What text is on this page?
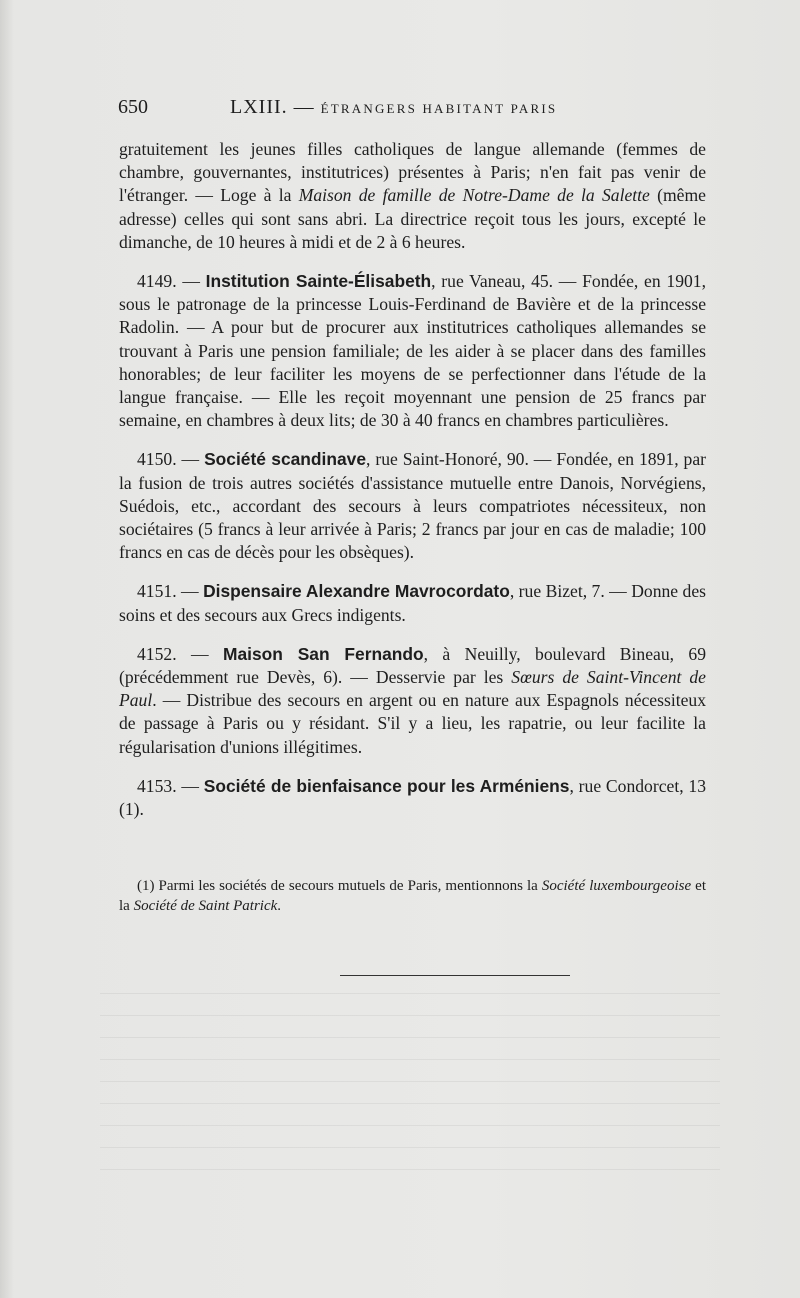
650	LXIII. — ÉTRANGERS HABITANT PARIS

gratuitement les jeunes filles catholiques de langue allemande (femmes de chambre, gouvernantes, institutrices) présentes à Paris; n'en fait pas venir de l'étranger. — Loge à la Maison de famille de Notre-Dame de la Salette (même adresse) celles qui sont sans abri. La directrice reçoit tous les jours, excepté le dimanche, de 10 heures à midi et de 2 à 6 heures.

4149. — Institution Sainte-Élisabeth, rue Vaneau, 45. — Fondée, en 1901, sous le patronage de la princesse Louis-Ferdinand de Bavière et de la princesse Radolin. — A pour but de procurer aux institutrices catholiques allemandes se trouvant à Paris une pension familiale; de les aider à se placer dans des familles honorables; de leur faciliter les moyens de se perfectionner dans l'étude de la langue française. — Elle les reçoit moyennant une pension de 25 francs par semaine, en chambres à deux lits; de 30 à 40 francs en chambres particulières.

4150. — Société scandinave, rue Saint-Honoré, 90. — Fondée, en 1891, par la fusion de trois autres sociétés d'assistance mutuelle entre Danois, Norvégiens, Suédois, etc., accordant des secours à leurs compatriotes nécessiteux, non sociétaires (5 francs à leur arrivée à Paris; 2 francs par jour en cas de maladie; 100 francs en cas de décès pour les obsèques).

4151. — Dispensaire Alexandre Mavrocordato, rue Bizet, 7. — Donne des soins et des secours aux Grecs indigents.

4152. — Maison San Fernando, à Neuilly, boulevard Bineau, 69 (précédemment rue Devès, 6). — Desservie par les Sœurs de Saint-Vincent de Paul. — Distribue des secours en argent ou en nature aux Espagnols nécessiteux de passage à Paris ou y résidant. S'il y a lieu, les rapatrie, ou leur facilite la régularisation d'unions illégitimes.

4153. — Société de bienfaisance pour les Arméniens, rue Condorcet, 13 (1).

(1) Parmi les sociétés de secours mutuels de Paris, mentionnons la Société luxembourgeoise et la Société de Saint Patrick.
